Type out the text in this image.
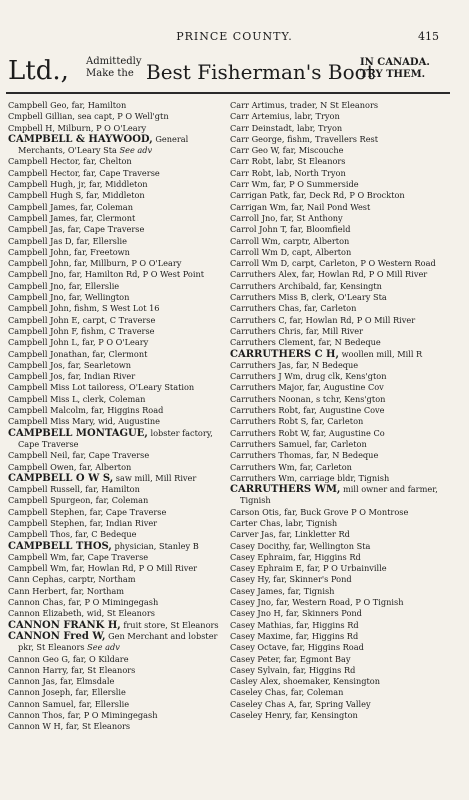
PRINCE COUNTY.	415
Ltd., Admittedly
Make the Best Fisherman's Boot
IN CANADA.
TRY THEM.
Campbell Geo, far, Hamilton
Cmpbell Gillian, sea capt, P O Well'gtn
Cmpbell H, Milburn, P O O'Leary
CAMPBELL & HAYWOOD, General Merchants, O'Leary Sta See adv
Campbell Hector, far, Chelton
Campbell Hector, far, Cape Traverse
Campbell Hugh, jr, far, Middleton
Campbell Hugh S, far, Middleton
Campbell James, far, Coleman
Campbell James, far, Clermont
Campbell Jas, far, Cape Traverse
Campbell Jas D, far, Ellerslie
Campbell John, far, Freetown
Campbell John, far, Millburn, P O O'Leary
Campbell Jno, far, Hamilton Rd, P O West Point
Campbell Jno, far, Ellerslie
Campbell Jno, far, Wellington
Campbell John, fishm, S West Lot 16
Campbell John E, carpt, C Traverse
Campbell John F, fishm, C Traverse
Campbell John L, far, P O O'Leary
Campbell Jonathan, far, Clermont
Campbell Jos, far, Searletown
Campbell Jos, far, Indian River
Campbell Miss Lot tailoress, O'Leary Station
Campbell Miss L, clerk, Coleman
Campbell Malcolm, far, Higgins Road
Campbell Miss Mary, wid, Augustine
CAMPBELL MONTAGUE, lobster factory, Cape Traverse
Campbell Neil, far, Cape Traverse
Campbell Owen, far, Alberton
CAMPBELL O W S, saw mill, Mill River
Campbell Russell, far, Hamilton
Campbell Spurgeon, far, Coleman
Campbell Stephen, far, Cape Traverse
Campbell Stephen, far, Indian River
Campbell Thos, far, C Bedeque
CAMPBELL THOS, physician, Stanley B
Campbell Wm, far, Cape Traverse
Campbell Wm, far, Howlan Rd, P O Mill River
Cann Cephas, carptr, Northam
Cann Herbert, far, Northam
Cannon Chas, far, P O Mimingegash
Cannon Elizabeth, wid, St Eleanors
CANNON FRANK H, fruit store, St Eleanors
CANNON Fred W, Gen Merchant and lobster pkr, St Eleanors See adv
Cannon Geo G, far, O Kildare
Cannon Harry, far, St Eleanors
Cannon Jas, far, Elmsdale
Cannon Joseph, far, Ellerslie
Cannon Samuel, far, Ellerslie
Cannon Thos, far, P O Mimingegash
Cannon W H, far, St Eleanors
Carr Artimus, trader, N St Eleanors
Carr Artemius, labr, Tryon
Carr Deinstadt, labr, Tryon
Carr George, fishm, Travellers Rest
Carr Geo W, far, Miscouche
Carr Robt, labr, St Eleanors
Carr Robt, lab, North Tryon
Carr Wm, far, P O Summerside
Carrigan Patk, far, Deck Rd, P O Brockton
Carrigan Wm, far, Nail Pond West
Carroll Jno, far, St Anthony
Carrol John T, far, Bloomfield
Carroll Wm, carptr, Alberton
Carroll Wm D, capt, Alberton
Carroll Wm D, carpt, Carleton, P O Western Road
Carruthers Alex, far, Howlan Rd, P O Mill River
Carruthers Archibald, far, Kensingtn
Carruthers Miss B, clerk, O'Leary Sta
Carruthers Chas, far, Carleton
Carruthers C, far, Howlan Rd, P O Mill River
Carruthers Chris, far, Mill River
Carruthers Clement, far, N Bedeque
CARRUTHERS C H, woollen mill, Mill R
Carruthers Jas, far, N Bedeque
Carruthers J Wm, drug clk, Kens'gton
Carruthers Major, far, Augustine Cov
Carruthers Noonan, s tchr, Kens'gton
Carruthers Robt, far, Augustine Cove
Carruthers Robt S, far, Carleton
Carruthers Robt W, far, Augustine Co
Carruthers Samuel, far, Carleton
Carruthers Thomas, far, N Bedeque
Carruthers Wm, far, Carleton
Carruthers Wm, carriage bldr, Tignish
CARRUTHERS WM, mill owner and farmer, Tignish
Carson Otis, far, Buck Grove P O Montrose
Carter Chas, labr, Tignish
Carver Jas, far, Linkletter Rd
Casey Docithy, far, Wellington Sta
Casey Ephraim, far, Higgins Rd
Casey Ephraim E, far, P O Urbainville
Casey Hy, far, Skinner's Pond
Casey James, far, Tignish
Casey Jno, far, Western Road, P O Tignish
Casey Jno H, far, Skinners Pond
Casey Mathias, far, Higgins Rd
Casey Maxime, far, Higgins Rd
Casey Octave, far, Higgins Road
Casey Peter, far, Egmont Bay
Casey Sylvain, far, Higgins Rd
Casley Alex, shoemaker, Kensington
Caseley Chas, far, Coleman
Caseley Chas A, far, Spring Valley
Caseley Henry, far, Kensington
